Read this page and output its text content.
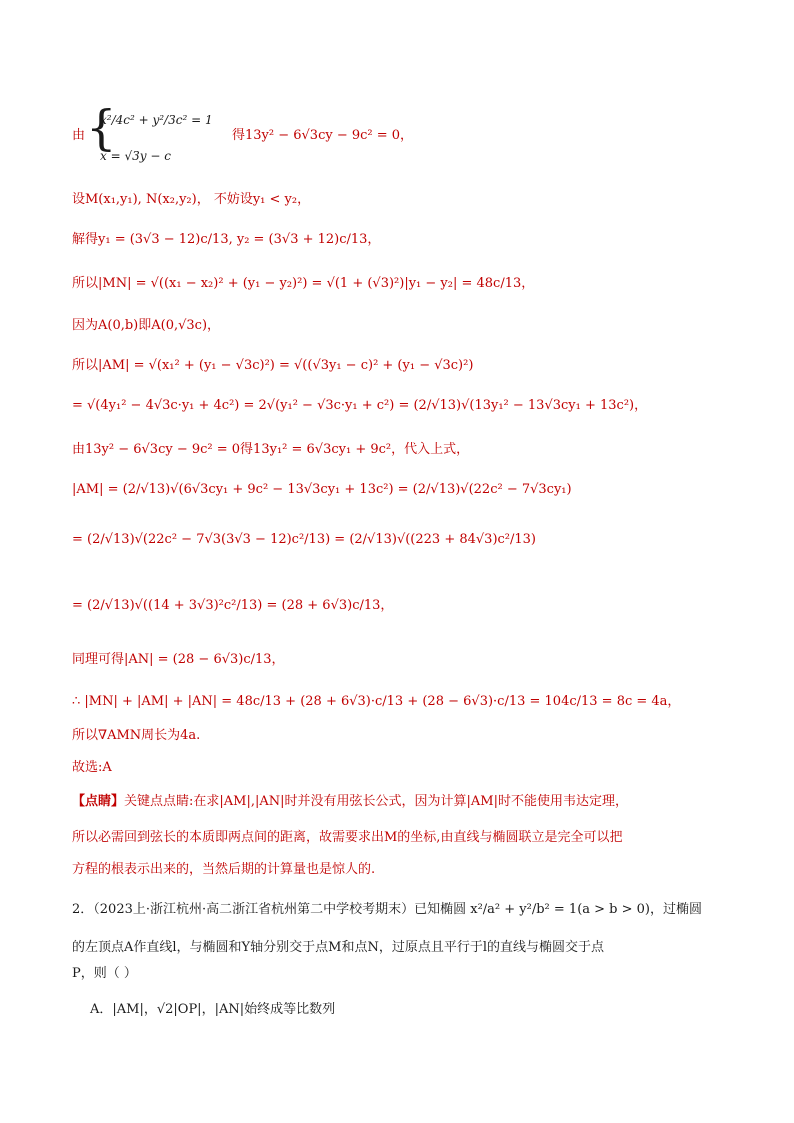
由 {
x²/4c² + y²/3c² = 1
x = √3y − c
得13y² − 6√3cy − 9c² = 0，
设M(x₁,y₁), N(x₂,y₂)， 不妨设y₁ < y₂，
解得y₁ = (3√3 − 12)c/13, y₂ = (3√3 + 12)c/13，
所以|MN| = √((x₁ − x₂)² + (y₁ − y₂)²) = √(1 + (√3)²)|y₁ − y₂| = 48c/13，
因为A(0,b)即A(0,√3c)，
所以|AM| = √(x₁² + (y₁ − √3c)²) = √((√3y₁ − c)² + (y₁ − √3c)²)
= √(4y₁² − 4√3c·y₁ + 4c²) = 2√(y₁² − √3c·y₁ + c²) = (2/√13)√(13y₁² − 13√3cy₁ + 13c²)，
由13y² − 6√3cy − 9c² = 0得13y₁² = 6√3cy₁ + 9c²，代入上式，
|AM| = (2/√13)√(6√3cy₁ + 9c² − 13√3cy₁ + 13c²) = (2/√13)√(22c² − 7√3cy₁)
= (2/√13)√(22c² − 7√3(3√3 − 12)c²/13) = (2/√13)√((223 + 84√3)c²/13)
= (2/√13)√((14 + 3√3)²c²/13) = (28 + 6√3)c/13，
同理可得|AN| = (28 − 6√3)c/13，
∴ |MN| + |AM| + |AN| = 48c/13 + (28 + 6√3)·c/13 + (28 − 6√3)·c/13 = 104c/13 = 8c = 4a，
所以∇AMN周长为4a.
故选:A
【点睛】关键点点睛:在求|AM|,|AN|时并没有用弦长公式，因为计算|AM|时不能使用韦达定理，
所以必需回到弦长的本质即两点间的距离，故需要求出M的坐标,由直线与椭圆联立是完全可以把
方程的根表示出来的，当然后期的计算量也是惊人的.
2．（2023上·浙江杭州·高二浙江省杭州第二中学校考期末）已知椭圆 x²/a² + y²/b² = 1(a > b > 0)，过椭圆
的左顶点A作直线l，与椭圆和Y轴分别交于点M和点N，过原点且平行于l的直线与椭圆交于点
P，则（ ）
A．|AM|，√2|OP|，|AN|始终成等比数列
